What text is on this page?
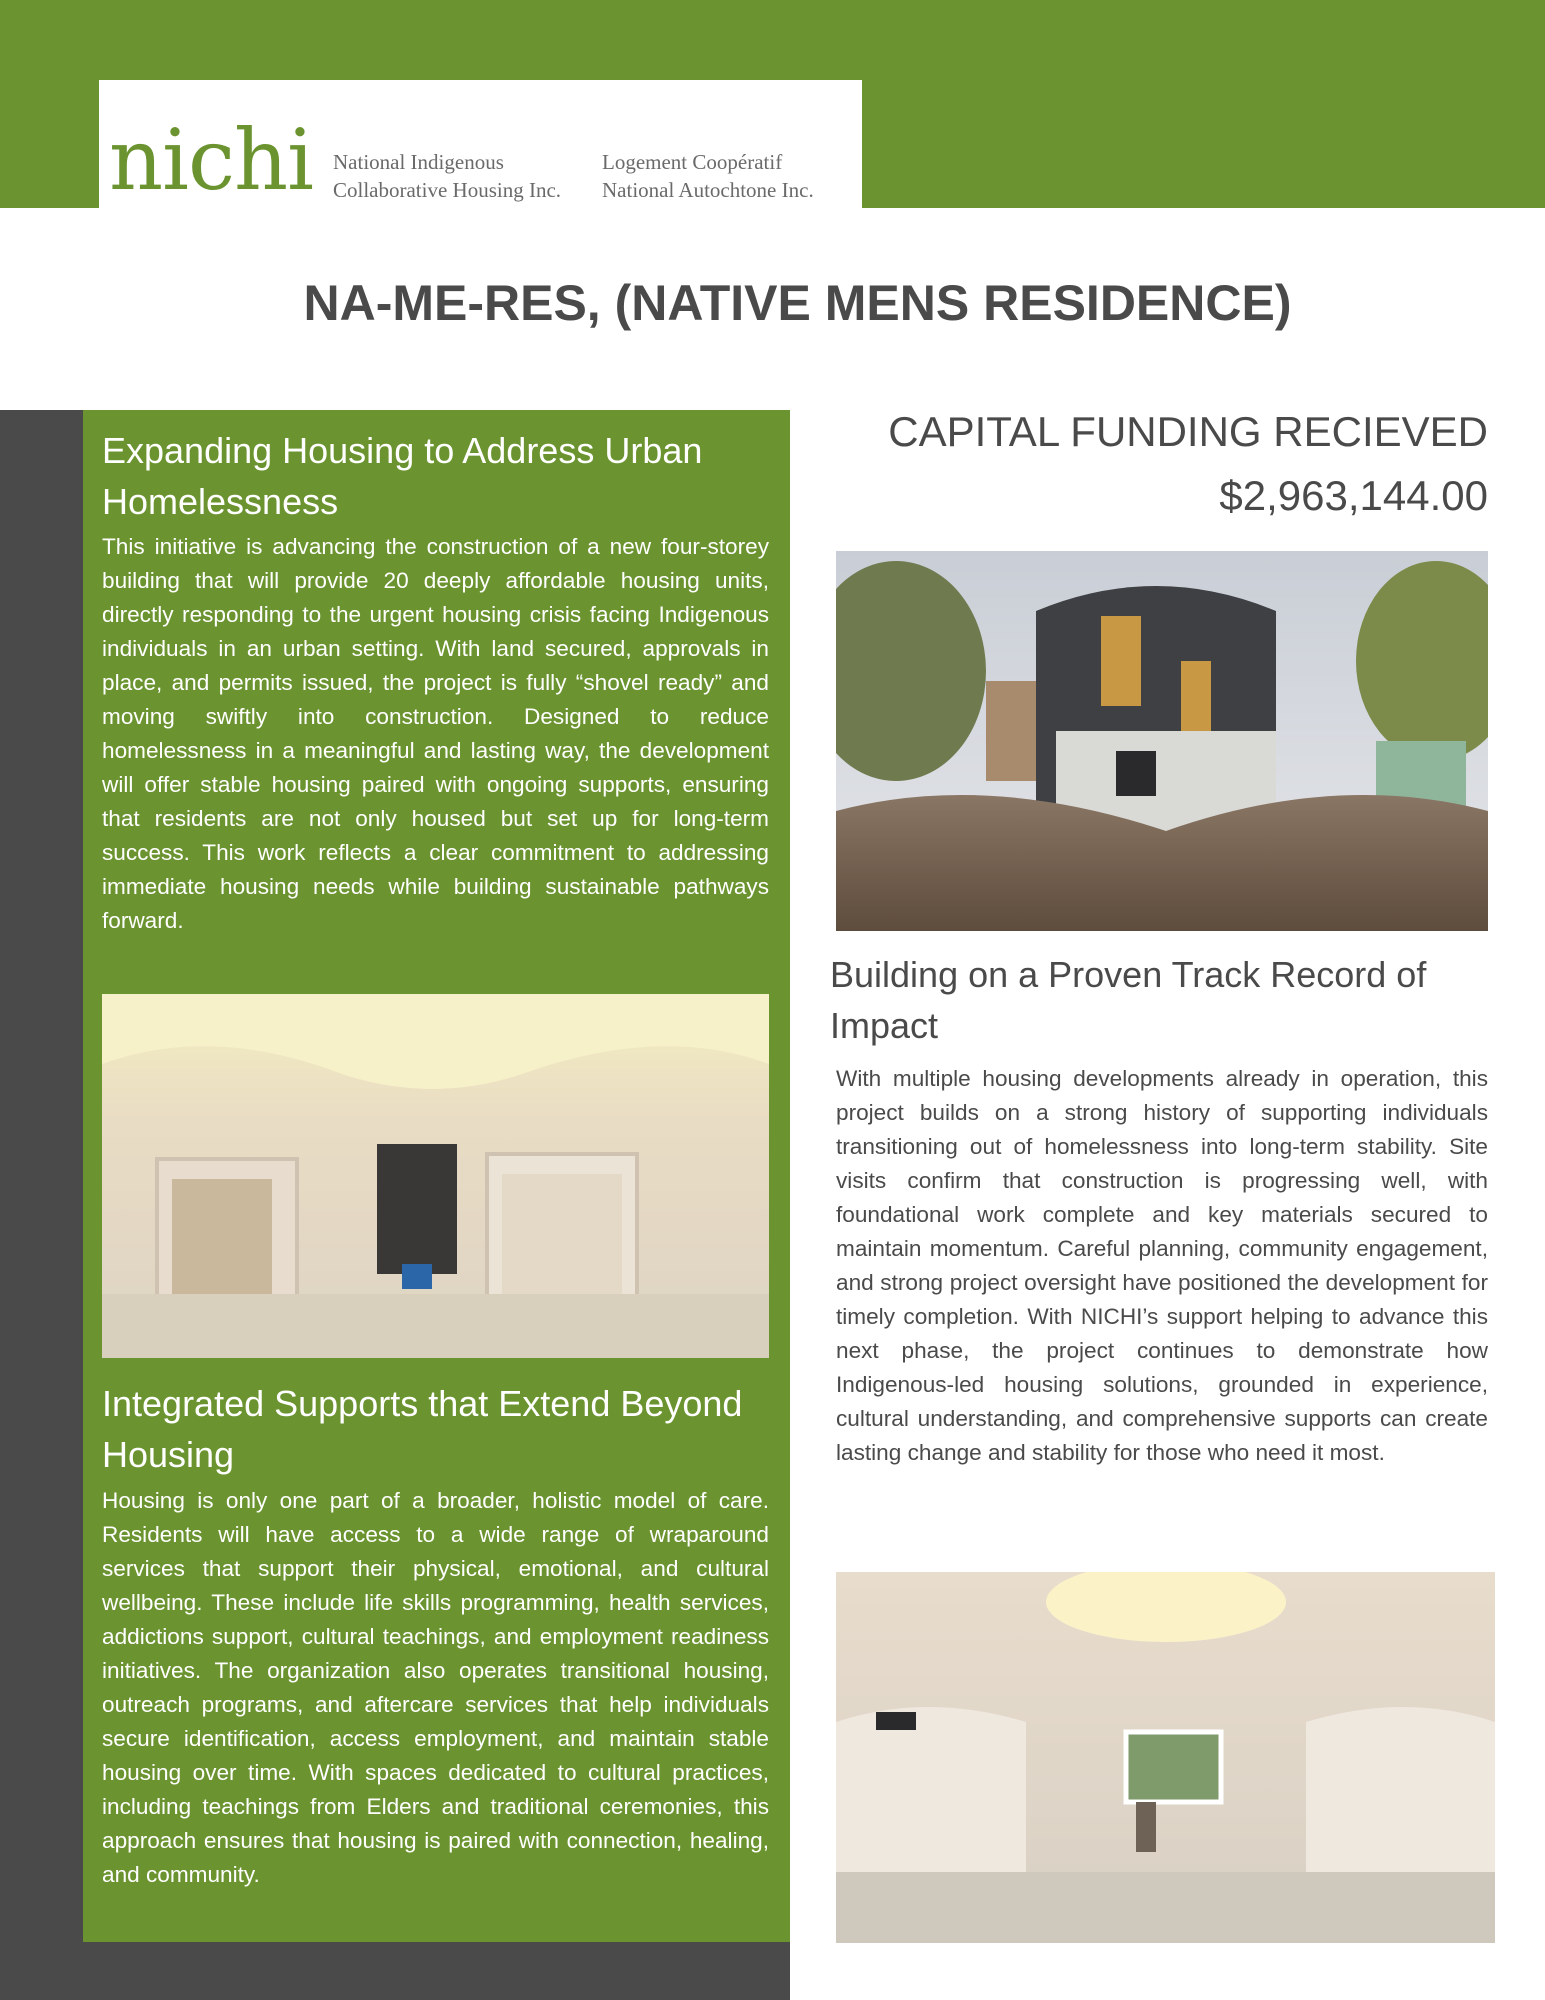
nichi National Indigenous
Collaborative Housing Inc.
Logement Coopératif
National Autochtone Inc.
NA-ME-RES, (NATIVE MENS RESIDENCE)
Expanding Housing to Address Urban Homelessness
This initiative is advancing the construction of a new four-storey building that will provide 20 deeply affordable housing units, directly responding to the urgent housing crisis facing Indigenous individuals in an urban setting. With land secured, approvals in place, and permits issued, the project is fully “shovel ready” and moving swiftly into construction. Designed to reduce homelessness in a meaningful and lasting way, the development will offer stable housing paired with ongoing supports, ensuring that residents are not only housed but set up for long-term success. This work reflects a clear commitment to addressing immediate housing needs while building sustainable pathways forward.
Integrated Supports that Extend Beyond Housing
Housing is only one part of a broader, holistic model of care. Residents will have access to a wide range of wraparound services that support their physical, emotional, and cultural wellbeing. These include life skills programming, health services, addictions support, cultural teachings, and employment readiness initiatives. The organization also operates transitional housing, outreach programs, and aftercare services that help individuals secure identification, access employment, and maintain stable housing over time. With spaces dedicated to cultural practices, including teachings from Elders and traditional ceremonies, this approach ensures that housing is paired with connection, healing, and community.
CAPITAL FUNDING RECIEVED
$2,963,144.00
Building on a Proven Track Record of Impact
With multiple housing developments already in operation, this project builds on a strong history of supporting individuals transitioning out of homelessness into long-term stability. Site visits confirm that construction is progressing well, with foundational work complete and key materials secured to maintain momentum. Careful planning, community engagement, and strong project oversight have positioned the development for timely completion. With NICHI’s support helping to advance this next phase, the project continues to demonstrate how Indigenous-led housing solutions, grounded in experience, cultural understanding, and comprehensive supports can create lasting change and stability for those who need it most.
